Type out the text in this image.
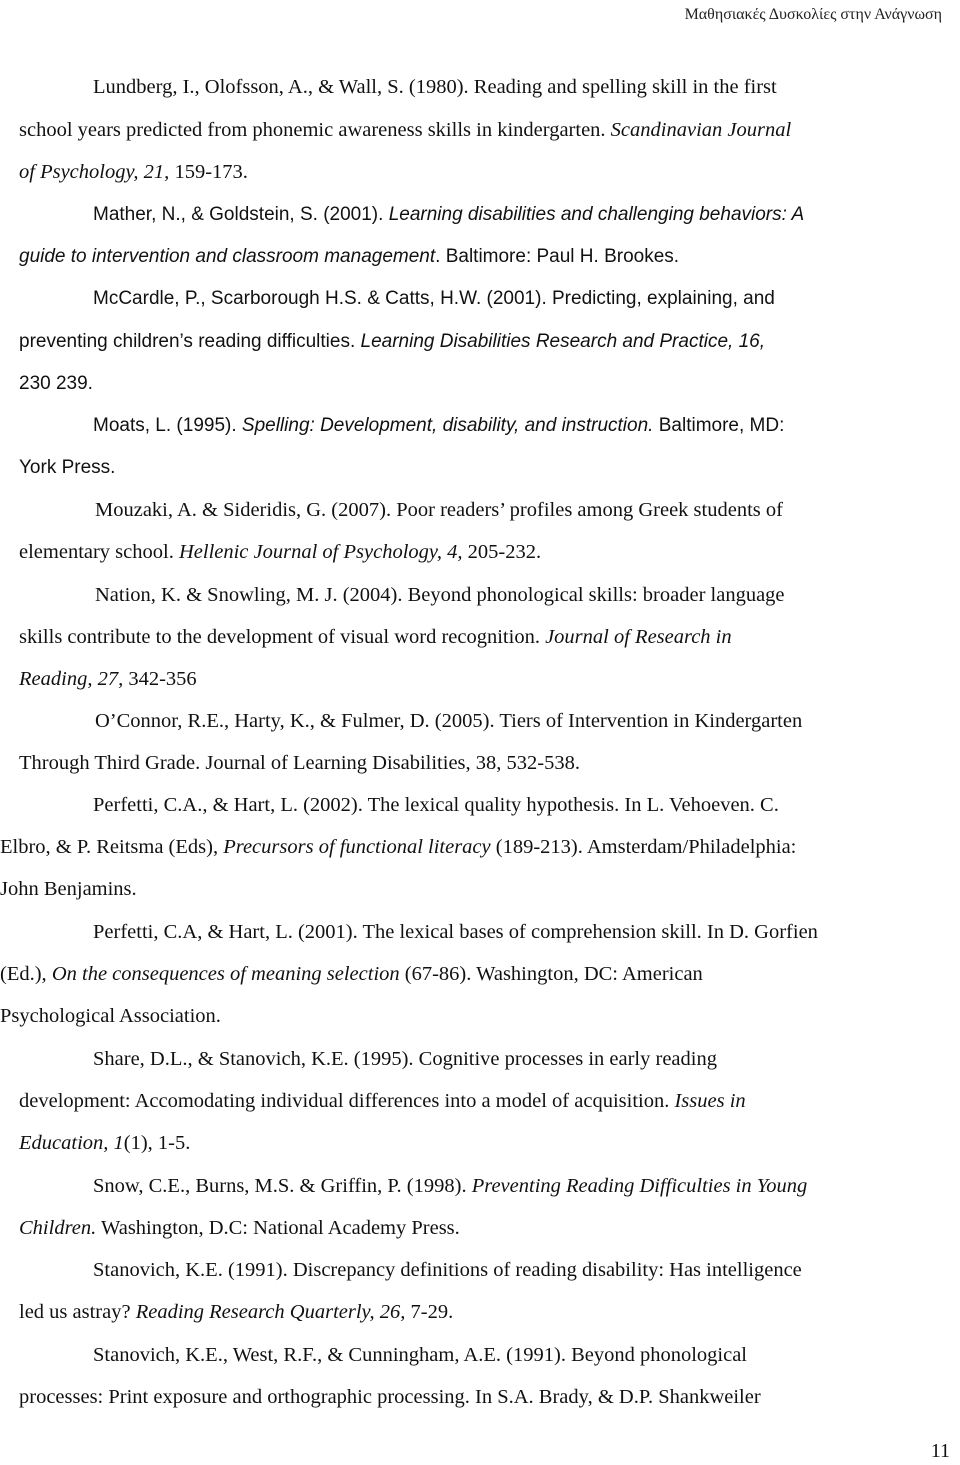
Μαθησιακές Δυσκολίες στην Ανάγνωση
Lundberg, I., Olofsson, A., & Wall, S. (1980). Reading and spelling skill in the first
school years predicted from phonemic awareness skills in kindergarten. Scandinavian Journal
of Psychology, 21, 159-173.
Mather, N., & Goldstein, S. (2001). Learning disabilities and challenging behaviors: A
guide to intervention and classroom management. Baltimore: Paul H. Brookes.
McCardle, P., Scarborough H.S. & Catts, H.W. (2001). Predicting, explaining, and
preventing children’s reading difficulties. Learning Disabilities Research and Practice, 16,
230 239.
Moats, L. (1995). Spelling: Development, disability, and instruction. Baltimore, MD:
York Press.
Mouzaki, A. & Sideridis, G. (2007). Poor readers’ profiles among Greek students of
elementary school. Hellenic Journal of Psychology, 4, 205-232.
Nation, K. & Snowling, M. J. (2004). Beyond phonological skills: broader language
skills contribute to the development of visual word recognition. Journal of Research in
Reading, 27, 342-356
O’Connor, R.E., Harty, K., & Fulmer, D. (2005). Tiers of Intervention in Kindergarten
Through Third Grade. Journal of Learning Disabilities, 38, 532-538.
Perfetti, C.A., & Hart, L. (2002). The lexical quality hypothesis. In L. Vehoeven. C.
Elbro, & P. Reitsma (Eds), Precursors of functional literacy (189-213). Amsterdam/Philadelphia:
John Benjamins.
Perfetti, C.A, & Hart, L. (2001). The lexical bases of comprehension skill. In D. Gorfien
(Ed.), On the consequences of meaning selection (67-86). Washington, DC: American
Psychological Association.
Share, D.L., & Stanovich, K.E. (1995). Cognitive processes in early reading
development: Accomodating individual differences into a model of acquisition. Issues in
Education, 1(1), 1-5.
Snow, C.E., Burns, M.S. & Griffin, P. (1998). Preventing Reading Difficulties in Young
Children. Washington, D.C: National Academy Press.
Stanovich, K.E. (1991). Discrepancy definitions of reading disability: Has intelligence
led us astray? Reading Research Quarterly, 26, 7-29.
Stanovich, K.E., West, R.F., & Cunningham, A.E. (1991). Beyond phonological
processes: Print exposure and orthographic processing. In S.A. Brady, & D.P. Shankweiler
11
